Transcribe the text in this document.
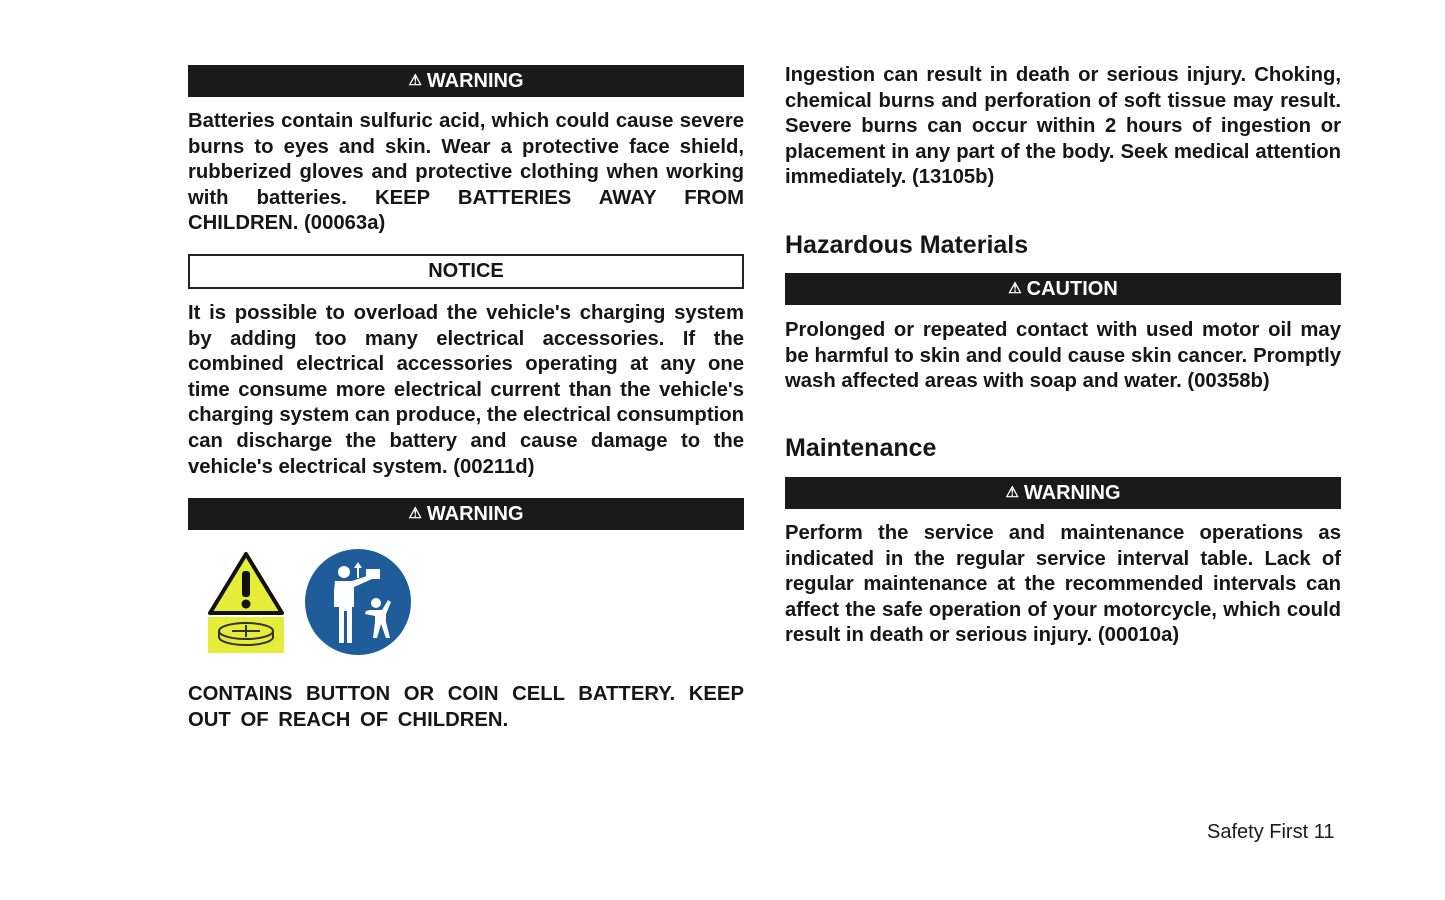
⚠ WARNING

Batteries contain sulfuric acid, which could cause severe burns to eyes and skin. Wear a protective face shield, rubberized gloves and protective clothing when working with batteries. KEEP BATTERIES AWAY FROM CHILDREN. (00063a)

NOTICE

It is possible to overload the vehicle's charging system by adding too many electrical accessories. If the combined electrical accessories operating at any one time consume more electrical current than the vehicle's charging system can produce, the electrical consumption can discharge the battery and cause damage to the vehicle's electrical system. (00211d)

⚠ WARNING

CONTAINS BUTTON OR COIN CELL BATTERY. KEEP OUT OF REACH OF CHILDREN.

Ingestion can result in death or serious injury. Choking, chemical burns and perforation of soft tissue may result. Severe burns can occur within 2 hours of ingestion or placement in any part of the body. Seek medical attention immediately. (13105b)

Hazardous Materials
⚠ CAUTION

Prolonged or repeated contact with used motor oil may be harmful to skin and could cause skin cancer. Promptly wash affected areas with soap and water. (00358b)

Maintenance
⚠ WARNING

Perform the service and maintenance operations as indicated in the regular service interval table. Lack of regular maintenance at the recommended intervals can affect the safe operation of your motorcycle, which could result in death or serious injury. (00010a)

Safety First 11
